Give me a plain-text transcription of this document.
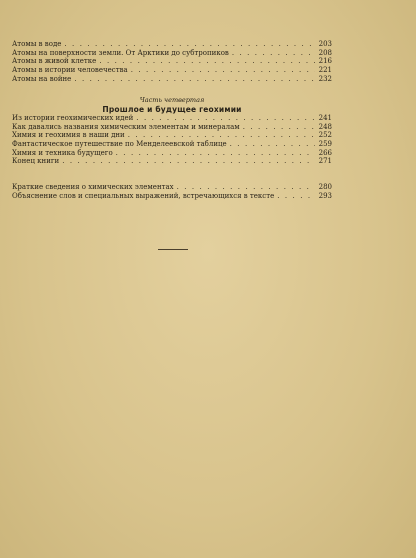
Атомы в воде . . .	203
Атомы на поверхности земли. От Арктики до субтропиков . . .	208
Атомы в живой клетке . . .	216
Атомы в истории человечества . . .	221
Атомы на войне . . .	232
Часть четвертая
Прошлое и будущее геохимии
Из истории геохимических идей . . .	241
Как давались названия химическим элементам и минералам . . .	248
Химия и геохимия в наши дни . . .	252
Фантастическое путешествие по Менделеевской таблице . . .	259
Химия и техника будущего . . .	266
Конец книги . . .	271
Краткие сведения о химических элементах . . .	280
Объяснение слов и специальных выражений, встречающихся в тексте . . .	293
